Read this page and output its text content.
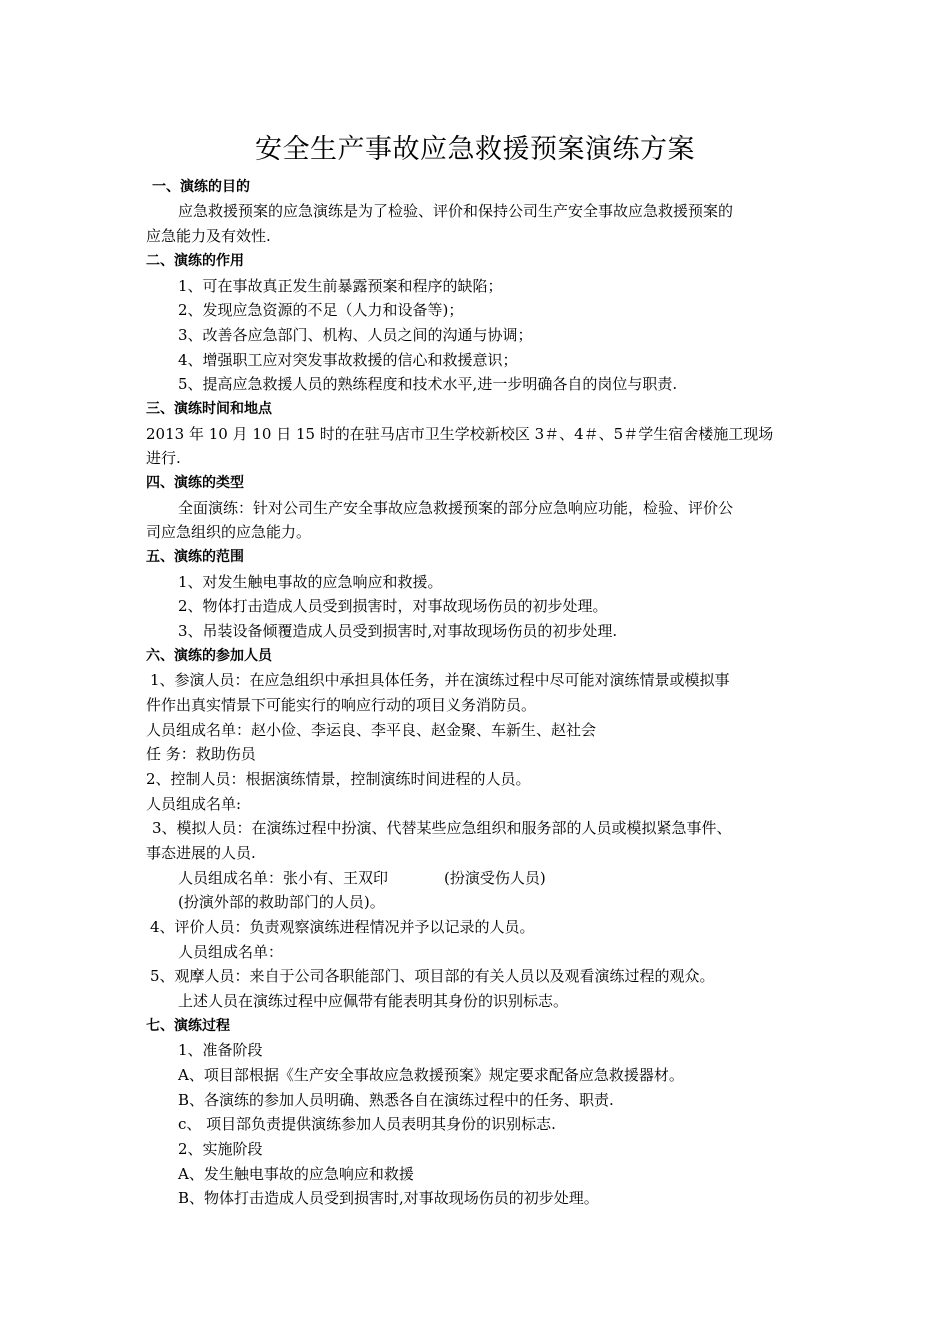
安全生产事故应急救援预案演练方案
一、演练的目的
应急救援预案的应急演练是为了检验、评价和保持公司生产安全事故应急救援预案的
应急能力及有效性.
二、演练的作用
1、可在事故真正发生前暴露预案和程序的缺陷；
2、发现应急资源的不足（人力和设备等)；
3、改善各应急部门、机构、人员之间的沟通与协调；
4、增强职工应对突发事故救援的信心和救援意识；
5、提高应急救援人员的熟练程度和技术水平,进一步明确各自的岗位与职责.
三、演练时间和地点
2013 年 10 月 10 日 15 时的在驻马店市卫生学校新校区 3＃、4＃、5＃学生宿舍楼施工现场
进行.
四、演练的类型
全面演练：针对公司生产安全事故应急救援预案的部分应急响应功能，检验、评价公
司应急组织的应急能力。
五、演练的范围
1、对发生触电事故的应急响应和救援。
2、物体打击造成人员受到损害时，对事故现场伤员的初步处理。
3、吊装设备倾覆造成人员受到损害时,对事故现场伤员的初步处理.
六、演练的参加人员
1、参演人员：在应急组织中承担具体任务，并在演练过程中尽可能对演练情景或模拟事
件作出真实情景下可能实行的响应行动的项目义务消防员。
人员组成名单：赵小俭、李运良、李平良、赵金聚、车新生、赵社会
任 务：救助伤员
2、控制人员：根据演练情景，控制演练时间进程的人员。
人员组成名单:
3、模拟人员：在演练过程中扮演、代替某些应急组织和服务部的人员或模拟紧急事件、
事态进展的人员.
人员组成名单：张小有、王双印	(扮演受伤人员)
(扮演外部的救助部门的人员)。
4、评价人员：负责观察演练进程情况并予以记录的人员。
人员组成名单：
5、观摩人员：来自于公司各职能部门、项目部的有关人员以及观看演练过程的观众。
上述人员在演练过程中应佩带有能表明其身份的识别标志。
七、演练过程
1、准备阶段
A、项目部根据《生产安全事故应急救援预案》规定要求配备应急救援器材。
B、各演练的参加人员明确、熟悉各自在演练过程中的任务、职责.
c、 项目部负责提供演练参加人员表明其身份的识别标志.
2、实施阶段
A、发生触电事故的应急响应和救援
B、物体打击造成人员受到损害时,对事故现场伤员的初步处理。
